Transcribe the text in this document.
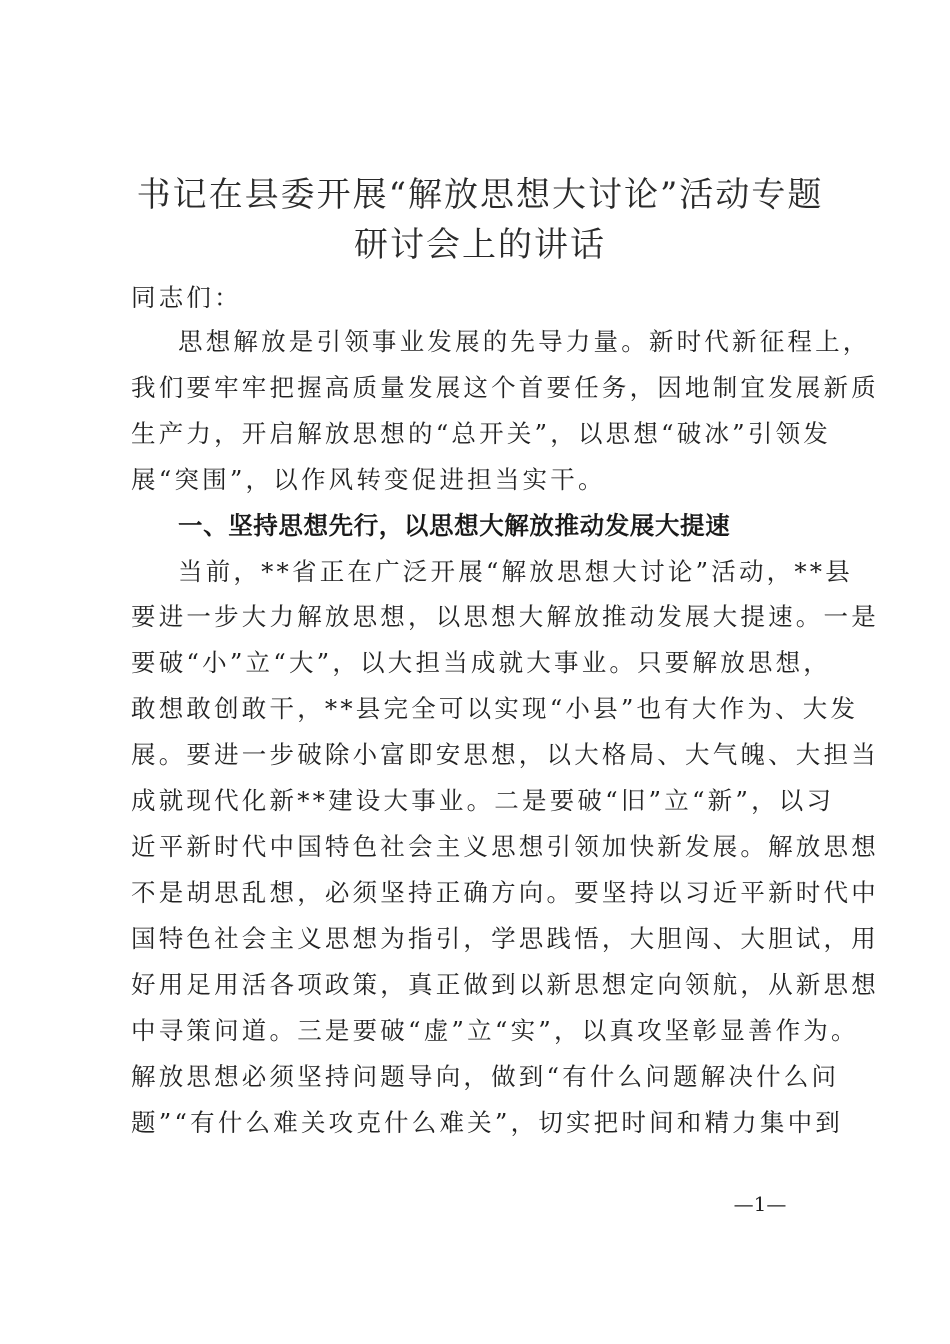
书记在县委开展“解放思想大讨论”活动专题
研讨会上的讲话
同志们：
思想解放是引领事业发展的先导力量。新时代新征程上，
我们要牢牢把握高质量发展这个首要任务，因地制宜发展新质
生产力，开启解放思想的“总开关”，以思想“破冰”引领发
展“突围”，以作风转变促进担当实干。
一、坚持思想先行，以思想大解放推动发展大提速
当前，**省正在广泛开展“解放思想大讨论”活动，**县
要进一步大力解放思想，以思想大解放推动发展大提速。一是
要破“小”立“大”，以大担当成就大事业。只要解放思想，
敢想敢创敢干，**县完全可以实现“小县”也有大作为、大发
展。要进一步破除小富即安思想，以大格局、大气魄、大担当
成就现代化新**建设大事业。二是要破“旧”立“新”，以习
近平新时代中国特色社会主义思想引领加快新发展。解放思想
不是胡思乱想，必须坚持正确方向。要坚持以习近平新时代中
国特色社会主义思想为指引，学思践悟，大胆闯、大胆试，用
好用足用活各项政策，真正做到以新思想定向领航，从新思想
中寻策问道。三是要破“虚”立“实”，以真攻坚彰显善作为。
解放思想必须坚持问题导向，做到“有什么问题解决什么问
题”“有什么难关攻克什么难关”，切实把时间和精力集中到
—1—
